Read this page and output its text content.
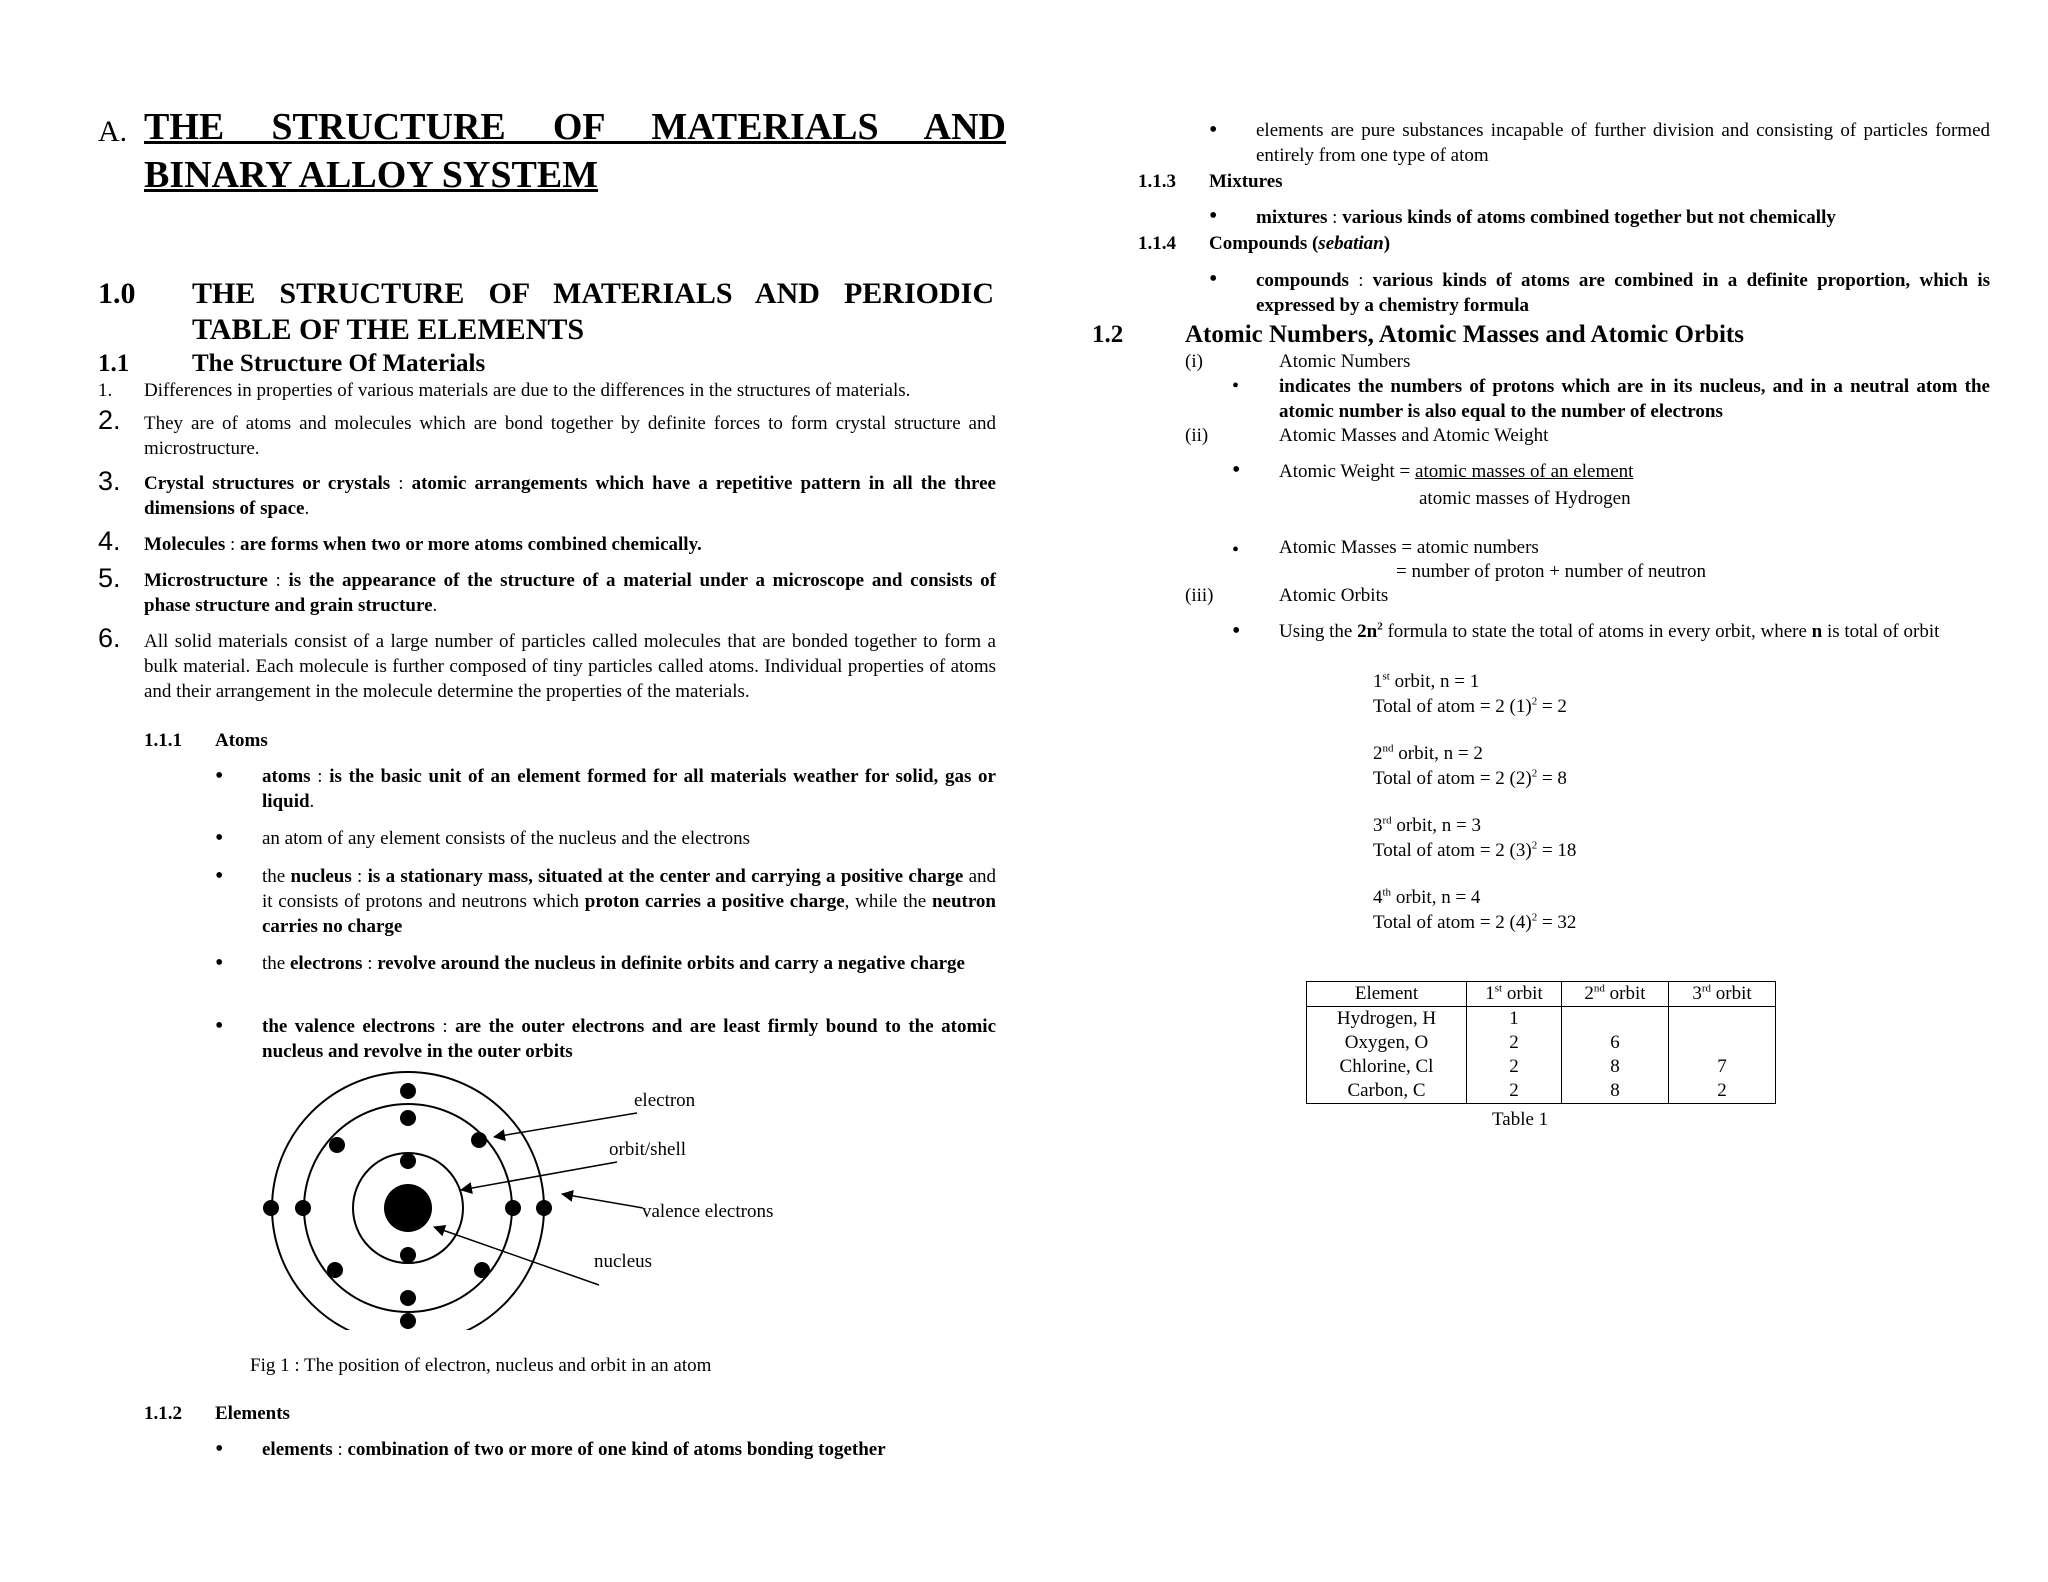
A. THE STRUCTURE OF MATERIALS AND
BINARY ALLOY SYSTEM
1.0 THE STRUCTURE OF MATERIALS AND PERIODIC
TABLE OF THE ELEMENTS
1.1	The Structure Of Materials
1. Differences in properties of various materials are due to the differences in the structures of materials.
2. They are of atoms and molecules which are bond together by definite forces to form crystal structure and microstructure.
3. Crystal structures or crystals : atomic arrangements which have a repetitive pattern in all the three dimensions of space.
4. Molecules : are forms when two or more atoms combined chemically.
5. Microstructure : is the appearance of the structure of a material under a microscope and consists of phase structure and grain structure.
6. All solid materials consist of a large number of particles called molecules that are bonded together to form a bulk material. Each molecule is further composed of tiny particles called atoms. Individual properties of atoms and their arrangement in the molecule determine the properties of the materials.
1.1.1 Atoms
• atoms : is the basic unit of an element formed for all materials weather for solid, gas or liquid.
• an atom of any element consists of the nucleus and the electrons
• the nucleus : is a stationary mass, situated at the center and carrying a positive charge and it consists of protons and neutrons which proton carries a positive charge, while the neutron carries no charge
• the electrons : revolve around the nucleus in definite orbits and carry a negative charge
• the valence electrons : are the outer electrons and are least firmly bound to the atomic nucleus and revolve in the outer orbits
electron
orbit/shell
valence electrons
nucleus
Fig 1 : The position of electron, nucleus and orbit in an atom
1.1.2 Elements
• elements : combination of two or more of one kind of atoms bonding together
• elements are pure substances incapable of further division and consisting of particles formed entirely from one type of atom
1.1.3 Mixtures
• mixtures : various kinds of atoms combined together but not chemically
1.1.4 Compounds (sebatian)
• compounds : various kinds of atoms are combined in a definite proportion, which is expressed by a chemistry formula
1.2 Atomic Numbers, Atomic Masses and Atomic Orbits
(i)	Atomic Numbers
• indicates the numbers of protons which are in its nucleus, and in a neutral atom the atomic number is also equal to the number of electrons
(ii)	Atomic Masses and Atomic Weight
• Atomic Weight = atomic masses of an element
atomic masses of Hydrogen
• Atomic Masses = atomic numbers
= number of proton + number of neutron
(iii)	Atomic Orbits
• Using the $2n^2$ formula to state the total of atoms in every orbit, where n is total of orbit
1st orbit, n = 1
Total of atom = 2 $(1)^2 = 2$
2nd orbit, n = 2
Total of atom = 2 $(2)^2 = 8$
3rd orbit, n = 3
Total of atom = 2 $(3)^2 = 18$
4th orbit, n = 4
Total of atom = 2 $(4)^2 = 32$
Element	1st orbit	2nd orbit	3rd orbit
Hydrogen, H	1		
Oxygen, O	2	6	
Chlorine, Cl	2	8	7
Carbon, C	2	8	2
Table 1
